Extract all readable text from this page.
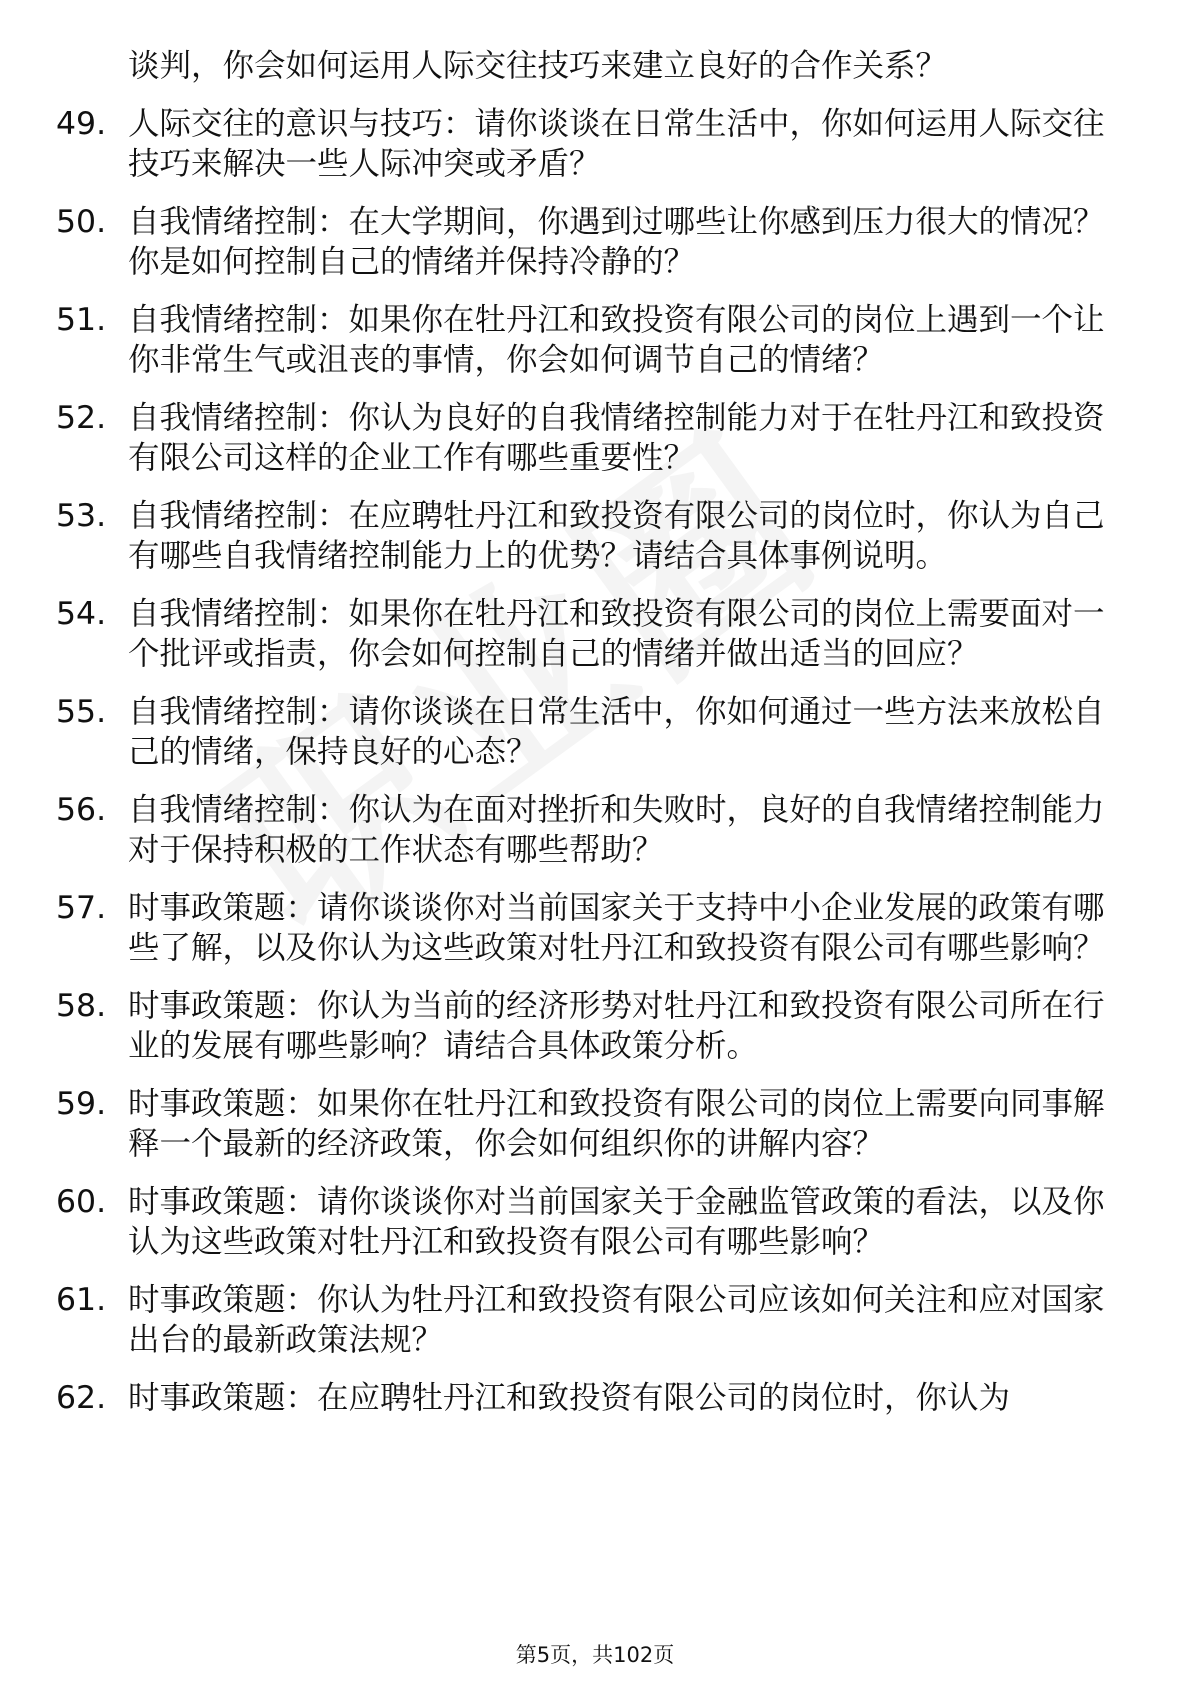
谈判，你会如何运用人际交往技巧来建立良好的合作关系？
49. 人际交往的意识与技巧：请你谈谈在日常生活中，你如何运用人际交往技巧来解决一些人际冲突或矛盾？
50. 自我情绪控制：在大学期间，你遇到过哪些让你感到压力很大的情况？你是如何控制自己的情绪并保持冷静的？
51. 自我情绪控制：如果你在牡丹江和致投资有限公司的岗位上遇到一个让你非常生气或沮丧的事情，你会如何调节自己的情绪？
52. 自我情绪控制：你认为良好的自我情绪控制能力对于在牡丹江和致投资有限公司这样的企业工作有哪些重要性？
53. 自我情绪控制：在应聘牡丹江和致投资有限公司的岗位时，你认为自己有哪些自我情绪控制能力上的优势？请结合具体事例说明。
54. 自我情绪控制：如果你在牡丹江和致投资有限公司的岗位上需要面对一个批评或指责，你会如何控制自己的情绪并做出适当的回应？
55. 自我情绪控制：请你谈谈在日常生活中，你如何通过一些方法来放松自己的情绪，保持良好的心态？
56. 自我情绪控制：你认为在面对挫折和失败时，良好的自我情绪控制能力对于保持积极的工作状态有哪些帮助？
57. 时事政策题：请你谈谈你对当前国家关于支持中小企业发展的政策有哪些了解，以及你认为这些政策对牡丹江和致投资有限公司有哪些影响？
58. 时事政策题：你认为当前的经济形势对牡丹江和致投资有限公司所在行业的发展有哪些影响？请结合具体政策分析。
59. 时事政策题：如果你在牡丹江和致投资有限公司的岗位上需要向同事解释一个最新的经济政策，你会如何组织你的讲解内容？
60. 时事政策题：请你谈谈你对当前国家关于金融监管政策的看法，以及你认为这些政策对牡丹江和致投资有限公司有哪些影响？
61. 时事政策题：你认为牡丹江和致投资有限公司应该如何关注和应对国家出台的最新政策法规？
62. 时事政策题：在应聘牡丹江和致投资有限公司的岗位时，你认为
第5页，共102页
